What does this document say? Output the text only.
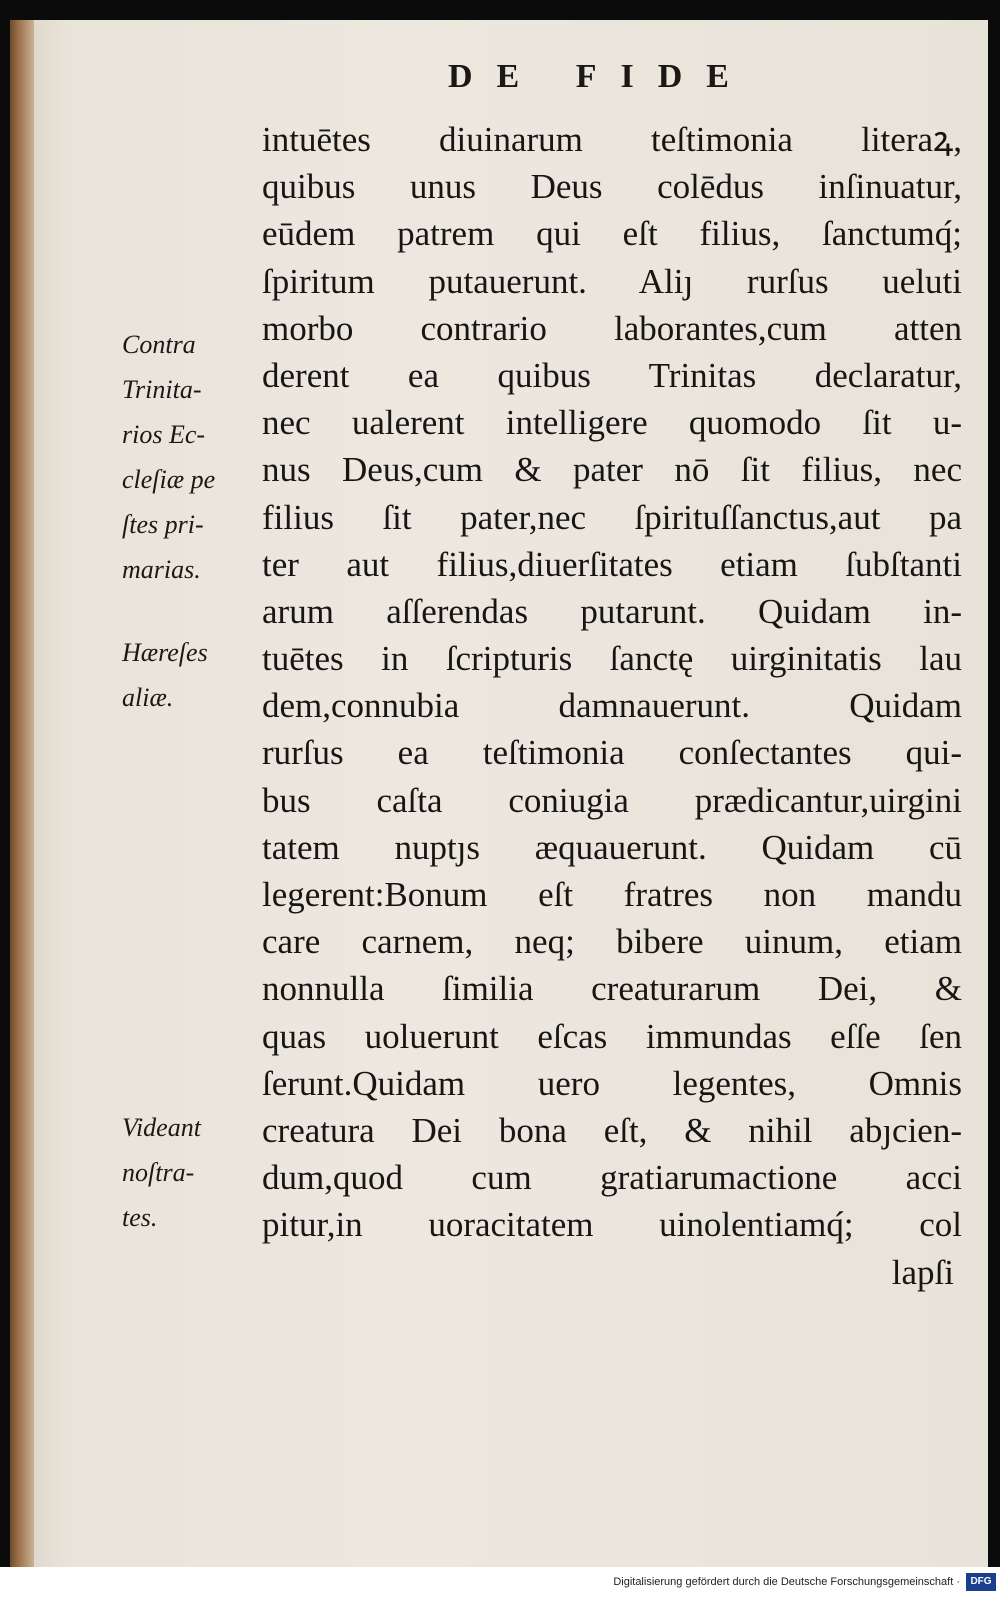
DE FIDE
Contra
Trinita-
rios Ec-
cleſiæ pe
ſtes pri-
marias.
Hæreſes
aliæ.
Videant
noſtra-
tes.
intuētes diuinarum teſtimonia literaꝝ,
quibus unus Deus colēdus inſinuatur,
eūdem patrem qui eſt filius, ſanctumq́;
ſpiritum putauerunt. Aliȷ rurſus ueluti
morbo contrario laborantes,cum atten
derent ea quibus Trinitas declaratur,
nec ualerent intelligere quomodo ſit u-
nus Deus,cum & pater nō ſit filius, nec
filius ſit pater,nec ſpirituſſanctus,aut pa
ter aut filius,diuerſitates etiam ſubſtanti
arum aſſerendas putarunt. Quidam in-
tuētes in ſcripturis ſanctę uirginitatis lau
dem,connubia damnauerunt. Quidam
rurſus ea teſtimonia conſectantes qui-
bus caſta coniugia prædicantur,uirgini
tatem nuptȷs æquauerunt. Quidam cū
legerent:Bonum eſt fratres non mandu
care carnem, neq; bibere uinum, etiam
nonnulla ſimilia creaturarum Dei, &
quas uoluerunt eſcas immundas eſſe ſen
ſerunt.Quidam uero legentes, Omnis
creatura Dei bona eſt, & nihil abȷcien-
dum,quod cum gratiarumactione acci
pitur,in uoracitatem uinolentiamq́; col
lapſi
Digitalisierung gefördert durch die Deutsche Forschungsgemeinschaft ·	DFG
